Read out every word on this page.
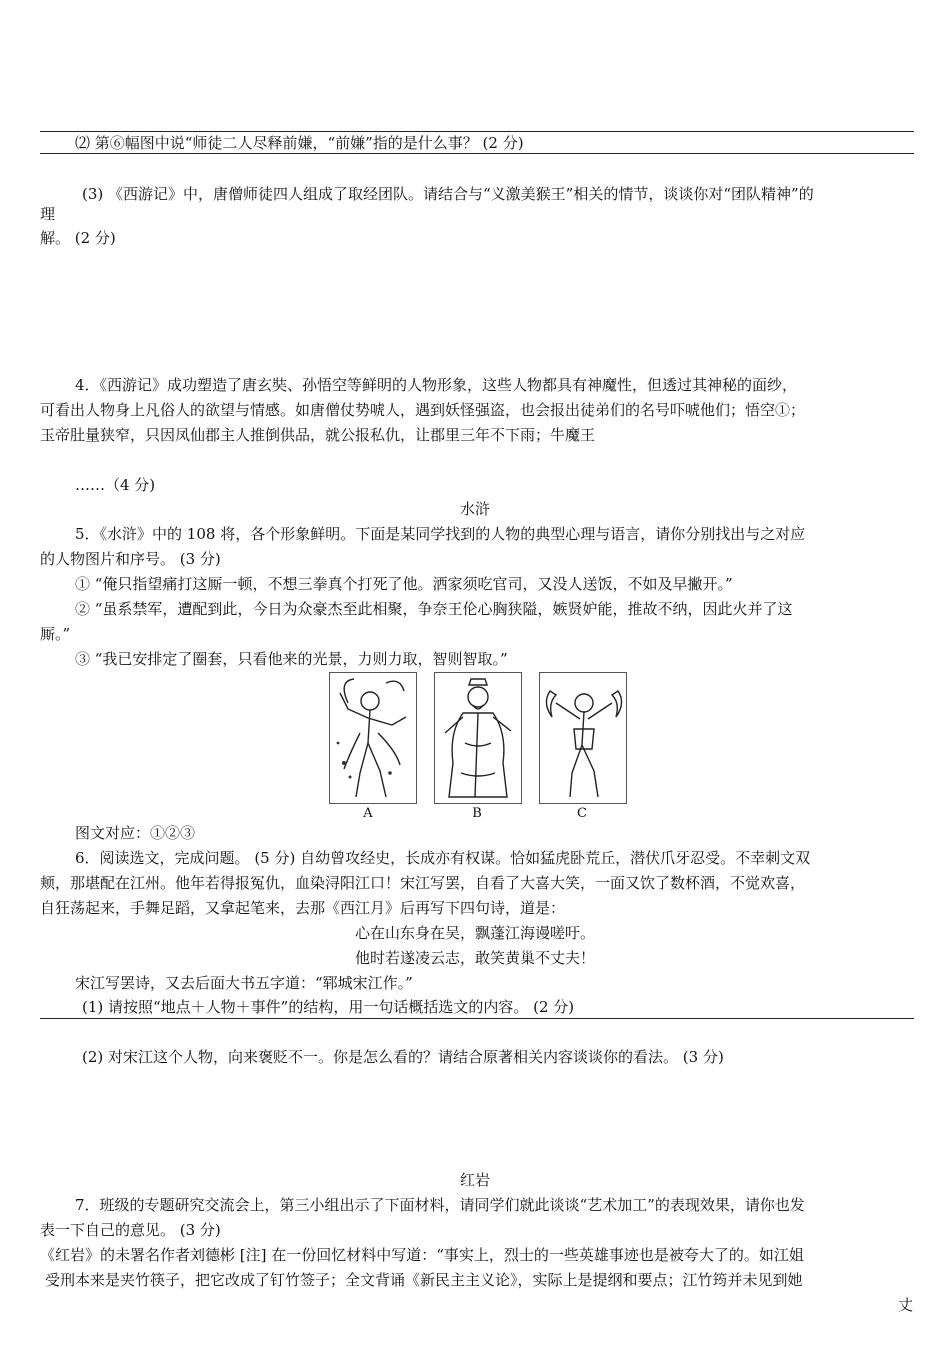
⑵ 第⑥幅图中说“师徒二人尽释前嫌，“前嫌”指的是什么事？ (2 分)
(3) 《西游记》中，唐僧师徒四人组成了取经团队。请结合与“义激美猴王”相关的情节，谈谈你对“团队精神”的
理
解。 (2 分)
4．《西游记》成功塑造了唐玄奘、孙悟空等鲜明的人物形象，这些人物都具有神魔性，但透过其神秘的面纱，
可看出人物身上凡俗人的欲望与情感。如唐僧仗势唬人，遇到妖怪强盗，也会报出徒弟们的名号吓唬他们；悟空①；
玉帝肚量狭窄，只因凤仙郡主人推倒供品，就公报私仇，让郡里三年不下雨；牛魔王
……（4 分)
水浒
5．《水浒》中的 108 将，各个形象鲜明。下面是某同学找到的人物的典型心理与语言，请你分别找出与之对应
的人物图片和序号。 (3 分)
① “俺只指望痛打这厮一顿，不想三拳真个打死了他。洒家须吃官司，又没人送饭，不如及早撇开。”
② “虽系禁军，遭配到此，今日为众豪杰至此相聚，争奈王伦心胸狭隘，嫉贤妒能，推故不纳，因此火并了这
厮。”
③ “我已安排定了圈套，只看他来的光景，力则力取，智则智取。”
A	B	C
图文对应：①②③
6．阅读选文，完成问题。 (5 分) 自幼曾攻经史，长成亦有权谋。恰如猛虎卧荒丘，潜伏爪牙忍受。不幸刺文双
颊，那堪配在江州。他年若得报冤仇，血染浔阳江口！宋江写罢，自看了大喜大笑，一面又饮了数杯酒，不觉欢喜，
自狂荡起来，手舞足蹈，又拿起笔来，去那《西江月》后再写下四句诗，道是：
心在山东身在吴，飘蓬江海谩嗟吁。
他时若遂凌云志，敢笑黄巢不丈夫！
宋江写罢诗，又去后面大书五字道：“郓城宋江作。”
(1) 请按照“地点＋人物＋事件”的结构，用一句话概括选文的内容。 (2 分)
(2) 对宋江这个人物，向来褒贬不一。你是怎么看的？请结合原著相关内容谈谈你的看法。 (3 分)
红岩
7．班级的专题研究交流会上，第三小组出示了下面材料，请同学们就此谈谈“艺术加工”的表现效果，请你也发
表一下自己的意见。 (3 分)
《红岩》的未署名作者刘德彬 [注] 在一份回忆材料中写道：“事实上，烈士的一些英雄事迹也是被夸大了的。如江姐
受刑本来是夹竹筷子，把它改成了钉竹签子；全文背诵《新民主主义论》，实际上是提纲和要点；江竹筠并未见到她
丈
